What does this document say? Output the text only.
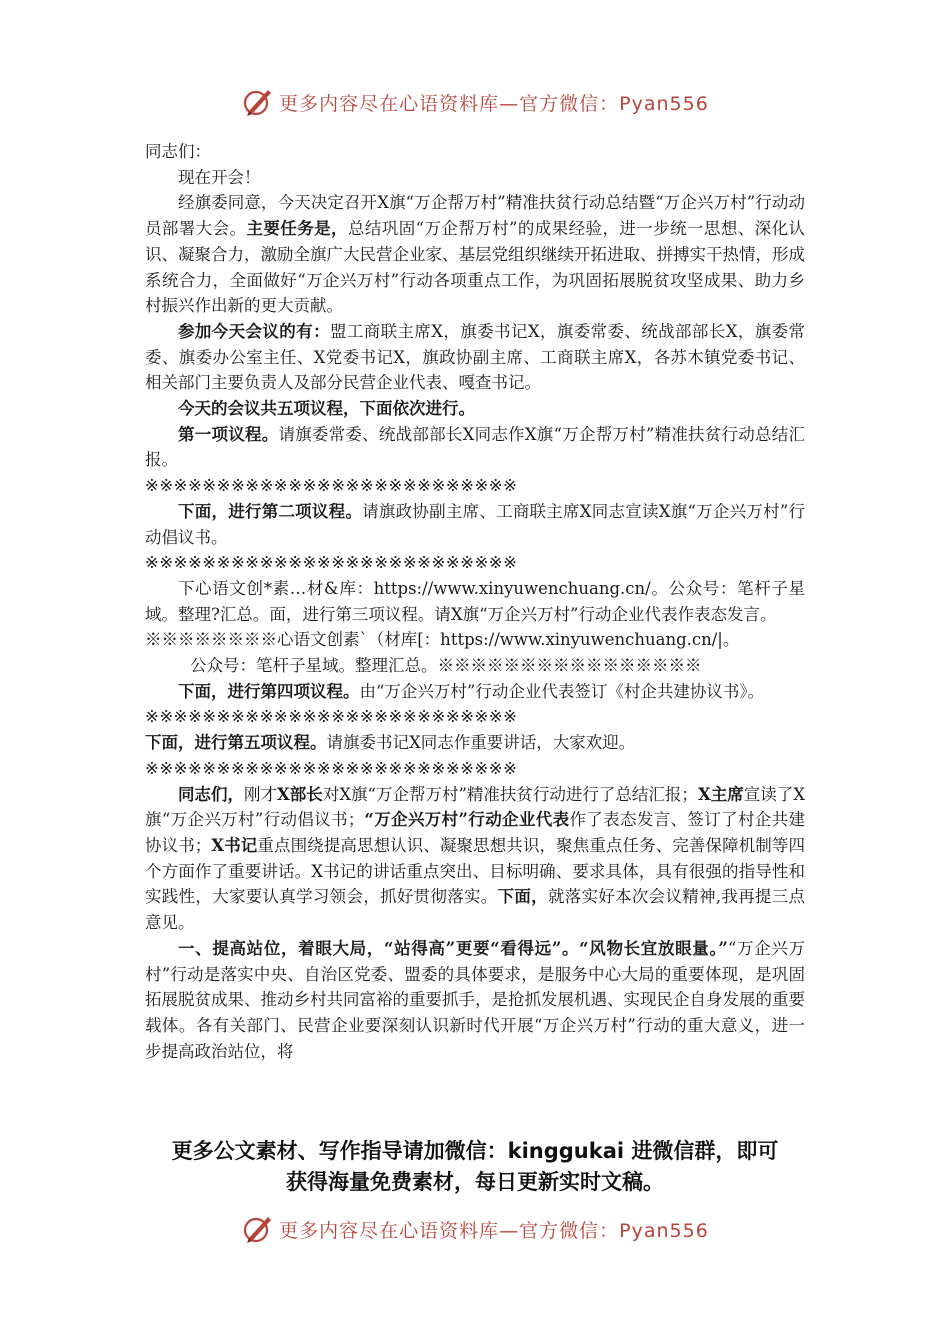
更多内容尽在心语资料库—官方微信：Pyan556

同志们：

现在开会！

经旗委同意，今天决定召开X旗“万企帮万村”精准扶贫行动总结暨“万企兴万村”行动动员部署大会。主要任务是，总结巩固“万企帮万村”的成果经验，进一步统一思想、深化认识、凝聚合力，激励全旗广大民营企业家、基层党组织继续开拓进取、拼搏实干热情，形成系统合力，全面做好“万企兴万村”行动各项重点工作，为巩固拓展脱贫攻坚成果、助力乡村振兴作出新的更大贡献。

参加今天会议的有：盟工商联主席X，旗委书记X，旗委常委、统战部部长X，旗委常委、旗委办公室主任、X党委书记X，旗政协副主席、工商联主席X，各苏木镇党委书记、相关部门主要负责人及部分民营企业代表、嘎查书记。

今天的会议共五项议程，下面依次进行。

第一项议程。请旗委常委、统战部部长X同志作X旗“万企帮万村”精准扶贫行动总结汇报。

※※※※※※※※※※※※※※※※※※※※※※※※※※

下面，进行第二项议程。请旗政协副主席、工商联主席X同志宣读X旗“万企兴万村”行动倡议书。

※※※※※※※※※※※※※※※※※※※※※※※※※※

下心语文创*素…材&库：https://www.xinyuwenchuang.cn/。公众号：笔杆子星域。整理?汇总。面，进行第三项议程。请X旗“万企兴万村”行动企业代表作表态发言。

※※※※※※※※心语文创素`（材库[：https://www.xinyuwenchuang.cn/|。

公众号：笔杆子星域。整理汇总。※※※※※※※※※※※※※※※※

下面，进行第四项议程。由“万企兴万村”行动企业代表签订《村企共建协议书》。

※※※※※※※※※※※※※※※※※※※※※※※※※※

下面，进行第五项议程。请旗委书记X同志作重要讲话，大家欢迎。

※※※※※※※※※※※※※※※※※※※※※※※※※※

同志们，刚才X部长对X旗“万企帮万村”精准扶贫行动进行了总结汇报；X主席宣读了X旗“万企兴万村”行动倡议书；“万企兴万村”行动企业代表作了表态发言、签订了村企共建协议书；X书记重点围绕提高思想认识、凝聚思想共识，聚焦重点任务、完善保障机制等四个方面作了重要讲话。X书记的讲话重点突出、目标明确、要求具体，具有很强的指导性和实践性，大家要认真学习领会，抓好贯彻落实。下面，就落实好本次会议精神,我再提三点意见。

一、提高站位，着眼大局，“站得高”更要“看得远”。“风物长宜放眼量。”“万企兴万村”行动是落实中央、自治区党委、盟委的具体要求，是服务中心大局的重要体现，是巩固拓展脱贫成果、推动乡村共同富裕的重要抓手，是抢抓发展机遇、实现民企自身发展的重要载体。各有关部门、民营企业要深刻认识新时代开展“万企兴万村”行动的重大意义，进一步提高政治站位，将

更多公文素材、写作指导请加微信：kinggukai 进微信群，即可
获得海量免费素材，每日更新实时文稿。
更多内容尽在心语资料库—官方微信：Pyan556
